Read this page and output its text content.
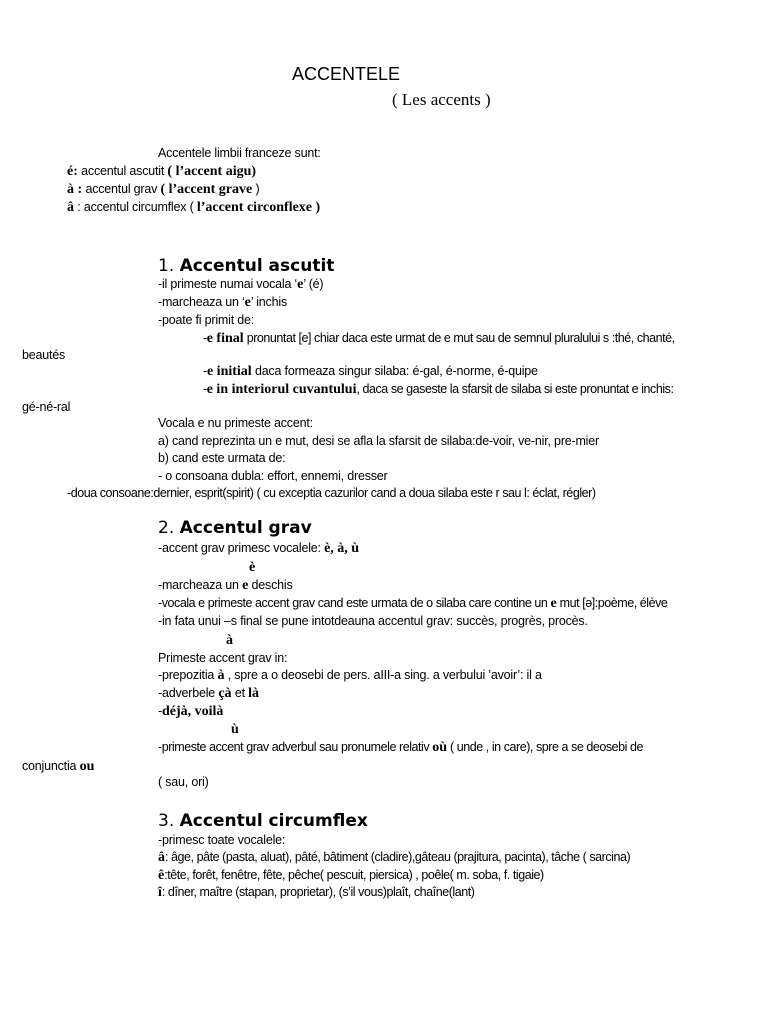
ACCENTELE
( Les accents )
Accentele limbii franceze sunt:
é: accentul ascutit ( l’accent aigu)
à : accentul grav ( l’accent grave )
â : accentul circumflex ( l’accent circonflexe )
1. Accentul ascutit
-il primeste numai vocala ‘e’ (é)
-marcheaza un ‘e’ inchis
-poate fi primit de:
-e final pronuntat [e] chiar daca este urmat de e mut sau de semnul pluralului s :thé, chanté,
beautés
-e initial daca formeaza singur silaba: é-gal, é-norme, é-quipe
-e in interiorul cuvantului, daca se gaseste la sfarsit de silaba si este pronuntat e inchis:
gé-né-ral
Vocala e nu primeste accent:
a) cand reprezinta un e mut, desi se afla la sfarsit de silaba:de-voir, ve-nir, pre-mier
b) cand este urmata de:
- o consoana dubla: effort, ennemi, dresser
-doua consoane:dernier, esprit(spirit) ( cu exceptia cazurilor cand a doua silaba este r sau l: éclat, régler)
2. Accentul grav
-accent grav primesc vocalele: è, à, ù
è
-marcheaza un e deschis
-vocala e primeste accent grav cand este urmata de o silaba care contine un e mut [ə]:poème, élève
-in fata unui –s final se pune intotdeauna accentul grav: succès, progrès, procès.
à
Primeste accent grav in:
-prepozitia à , spre a o deosebi de pers. aIII-a sing. a verbului ’avoir’: il a
-adverbele çà et là
-déjà, voilà
ù
-primeste accent grav adverbul sau pronumele relativ où ( unde , in care), spre a se deosebi de
conjunctia ou
( sau, ori)
3. Accentul circumflex
-primesc toate vocalele:
â: âge, pâte (pasta, aluat), pâté, bâtiment (cladire),gâteau (prajitura, pacinta), tâche ( sarcina)
ê:tête, forêt, fenêtre, fête, pêche( pescuit, piersica) , poêle( m. soba, f. tigaie)
î: dîner, maître (stapan, proprietar), (s’il vous)plaît, chaîne(lant)
